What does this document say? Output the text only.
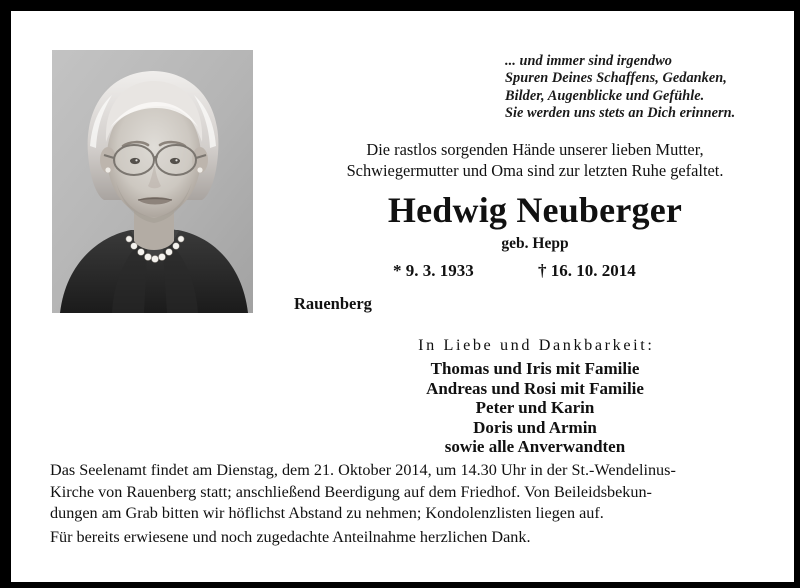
... und immer sind irgendwo
Spuren Deines Schaffens, Gedanken,
Bilder, Augenblicke und Gefühle.
Sie werden uns stets an Dich erinnern.
Die rastlos sorgenden Hände unserer lieben Mutter,
Schwiegermutter und Oma sind zur letzten Ruhe gefaltet.
Hedwig Neuberger
geb. Hepp
* 9. 3. 1933	† 16. 10. 2014
Rauenberg
In Liebe und Dankbarkeit:
Thomas und Iris mit Familie
Andreas und Rosi mit Familie
Peter und Karin
Doris und Armin
sowie alle Anverwandten
Das Seelenamt findet am Dienstag, dem 21. Oktober 2014, um 14.30 Uhr in der St.-Wendelinus-
Kirche von Rauenberg statt; anschließend Beerdigung auf dem Friedhof. Von Beileidsbekun-
dungen am Grab bitten wir höflichst Abstand zu nehmen; Kondolenzlisten liegen auf.
Für bereits erwiesene und noch zugedachte Anteilnahme herzlichen Dank.
